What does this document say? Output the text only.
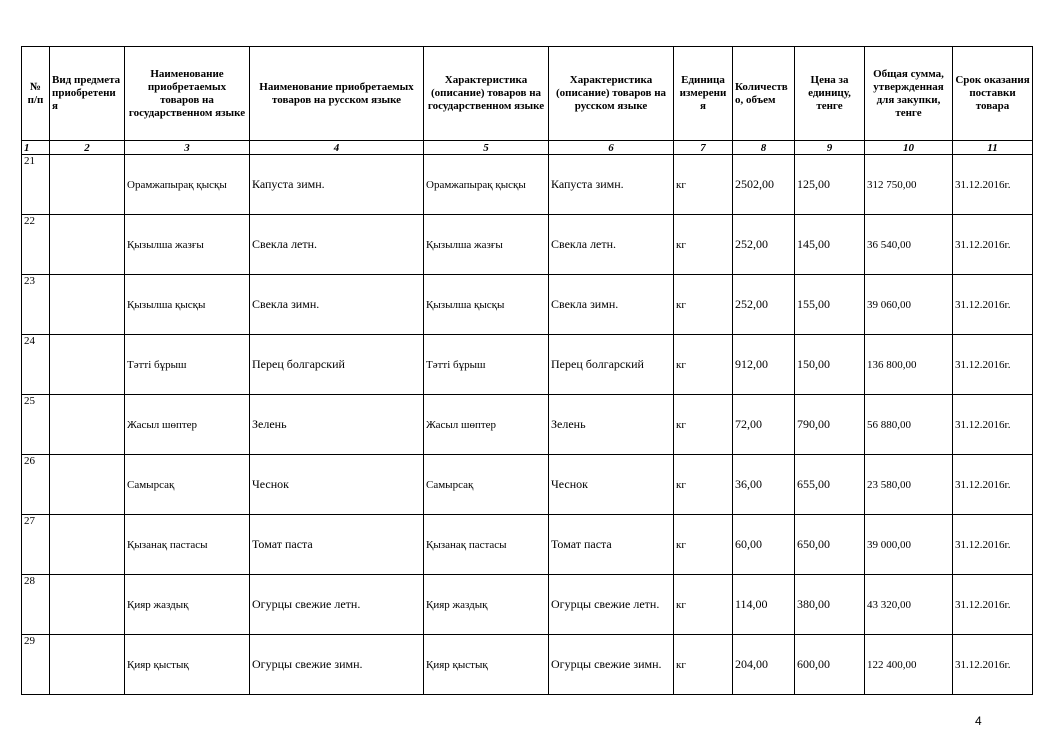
№ п/п	Вид предмета приобретени я	Наименование приобретаемых товаров на государственном языке	Наименование приобретаемых товаров на русском языке	Характеристика (описание) товаров на государственном языке	Характеристика (описание) товаров на русском языке	Единица измерени я	Количеств о, объем	Цена за единицу, тенге	Общая сумма, утвержденная для закупки, тенге	Срок оказания поставки товара
1	2	3	4	5	6	7	8	9	10	11
21		Орамжапырақ қысқы	Капуста зимн.	Орамжапырақ қысқы	Капуста зимн.	кг	2502,00	125,00	312 750,00	31.12.2016г.
22		Қызылша жазғы	Свекла летн.	Қызылша жазғы	Свекла летн.	кг	252,00	145,00	36 540,00	31.12.2016г.
23		Қызылша қысқы	Свекла зимн.	Қызылша қысқы	Свекла зимн.	кг	252,00	155,00	39 060,00	31.12.2016г.
24		Тәтті бұрыш	Перец болгарский	Тәтті бұрыш	Перец болгарский	кг	912,00	150,00	136 800,00	31.12.2016г.
25		Жасыл шөптер	Зелень	Жасыл шөптер	Зелень	кг	72,00	790,00	56 880,00	31.12.2016г.
26		Самырсақ	Чеснок	Самырсақ	Чеснок	кг	36,00	655,00	23 580,00	31.12.2016г.
27		Қызанақ пастасы	Томат паста	Қызанақ пастасы	Томат паста	кг	60,00	650,00	39 000,00	31.12.2016г.
28		Қияр жаздық	Огурцы свежие летн.	Қияр жаздық	Огурцы свежие летн.	кг	114,00	380,00	43 320,00	31.12.2016г.
29		Қияр қыстық	Огурцы свежие зимн.	Қияр қыстық	Огурцы свежие зимн.	кг	204,00	600,00	122 400,00	31.12.2016г.
4
